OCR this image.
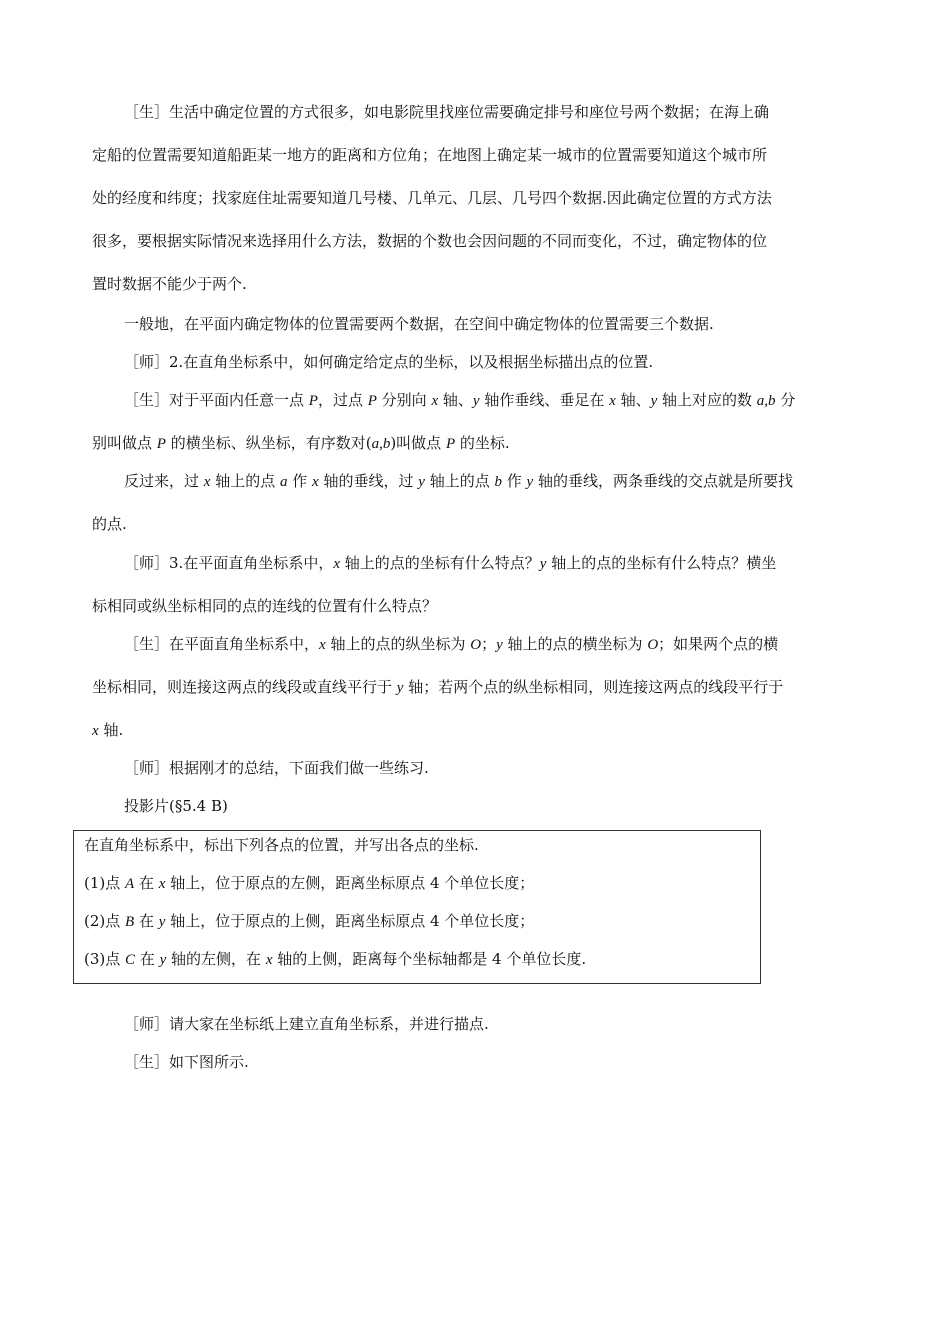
［生］生活中确定位置的方式很多，如电影院里找座位需要确定排号和座位号两个数据；在海上确
定船的位置需要知道船距某一地方的距离和方位角；在地图上确定某一城市的位置需要知道这个城市所
处的经度和纬度；找家庭住址需要知道几号楼、几单元、几层、几号四个数据.因此确定位置的方式方法
很多，要根据实际情况来选择用什么方法，数据的个数也会因问题的不同而变化，不过，确定物体的位
置时数据不能少于两个.
一般地，在平面内确定物体的位置需要两个数据，在空间中确定物体的位置需要三个数据.
［师］2.在直角坐标系中，如何确定给定点的坐标，以及根据坐标描出点的位置.
［生］对于平面内任意一点 P，过点 P 分别向 x 轴、y 轴作垂线、垂足在 x 轴、y 轴上对应的数 a,b 分
别叫做点 P 的横坐标、纵坐标，有序数对(a,b)叫做点 P 的坐标.
反过来，过 x 轴上的点 a 作 x 轴的垂线，过 y 轴上的点 b 作 y 轴的垂线，两条垂线的交点就是所要找
的点.
［师］3.在平面直角坐标系中，x 轴上的点的坐标有什么特点？y 轴上的点的坐标有什么特点？横坐
标相同或纵坐标相同的点的连线的位置有什么特点？
［生］在平面直角坐标系中，x 轴上的点的纵坐标为 O；y 轴上的点的横坐标为 O；如果两个点的横
坐标相同，则连接这两点的线段或直线平行于 y 轴；若两个点的纵坐标相同，则连接这两点的线段平行于
x 轴.
［师］根据刚才的总结，下面我们做一些练习.
投影片(§5.4 B)
在直角坐标系中，标出下列各点的位置，并写出各点的坐标.
(1)点 A 在 x 轴上，位于原点的左侧，距离坐标原点 4 个单位长度；
(2)点 B 在 y 轴上，位于原点的上侧，距离坐标原点 4 个单位长度；
(3)点 C 在 y 轴的左侧，在 x 轴的上侧，距离每个坐标轴都是 4 个单位长度.
［师］请大家在坐标纸上建立直角坐标系，并进行描点.
［生］如下图所示.
